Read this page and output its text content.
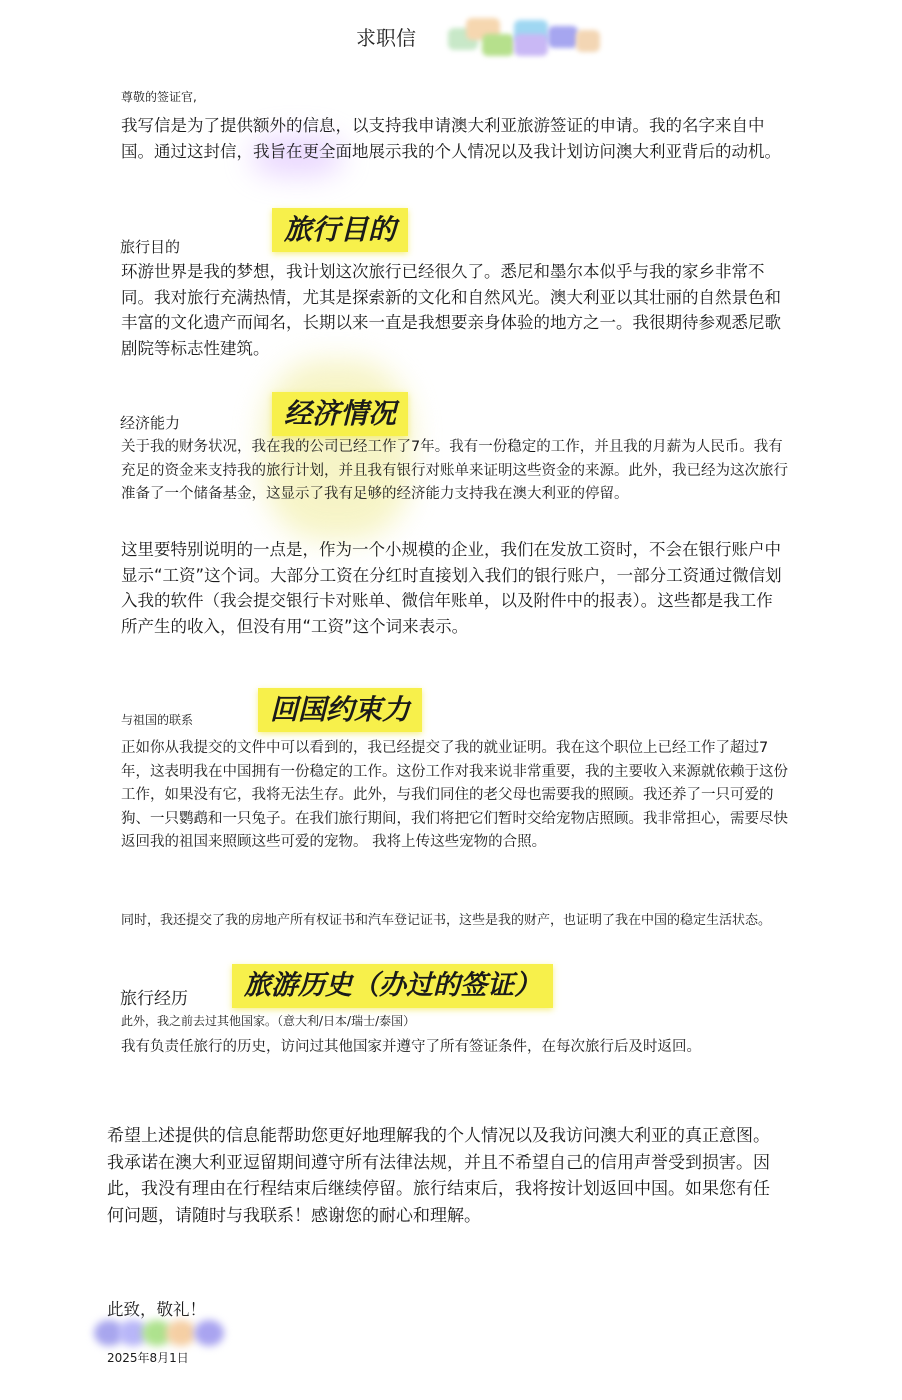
求职信
尊敬的签证官,
我写信是为了提供额外的信息，以支持我申请澳大利亚旅游签证的申请。我的名字来自中国。通过这封信，我旨在更全面地展示我的个人情况以及我计划访问澳大利亚背后的动机。
旅行目的
旅行目的
环游世界是我的梦想，我计划这次旅行已经很久了。悉尼和墨尔本似乎与我的家乡非常不同。我对旅行充满热情，尤其是探索新的文化和自然风光。澳大利亚以其壮丽的自然景色和丰富的文化遗产而闻名，长期以来一直是我想要亲身体验的地方之一。我很期待参观悉尼歌剧院等标志性建筑。
经济情况
经济能力
关于我的财务状况，我在我的公司已经工作了7年。我有一份稳定的工作，并且我的月薪为人民币。我有充足的资金来支持我的旅行计划，并且我有银行对账单来证明这些资金的来源。此外，我已经为这次旅行准备了一个储备基金，这显示了我有足够的经济能力支持我在澳大利亚的停留。
这里要特别说明的一点是，作为一个小规模的企业，我们在发放工资时，不会在银行账户中显示“工资”这个词。大部分工资在分红时直接划入我们的银行账户，一部分工资通过微信划入我的软件（我会提交银行卡对账单、微信年账单，以及附件中的报表）。这些都是我工作所产生的收入，但没有用“工资”这个词来表示。
回国约束力
与祖国的联系
正如你从我提交的文件中可以看到的，我已经提交了我的就业证明。我在这个职位上已经工作了超过7年，这表明我在中国拥有一份稳定的工作。这份工作对我来说非常重要，我的主要收入来源就依赖于这份工作，如果没有它，我将无法生存。此外，与我们同住的老父母也需要我的照顾。我还养了一只可爱的狗、一只鹦鹉和一只兔子。在我们旅行期间，我们将把它们暂时交给宠物店照顾。我非常担心，需要尽快返回我的祖国来照顾这些可爱的宠物。 我将上传这些宠物的合照。
同时，我还提交了我的房地产所有权证书和汽车登记证书，这些是我的财产，也证明了我在中国的稳定生活状态。
旅游历史（办过的签证）
旅行经历
此外，我之前去过其他国家。（意大利/日本/瑞士/泰国）
我有负责任旅行的历史，访问过其他国家并遵守了所有签证条件，在每次旅行后及时返回。
希望上述提供的信息能帮助您更好地理解我的个人情况以及我访问澳大利亚的真正意图。我承诺在澳大利亚逗留期间遵守所有法律法规，并且不希望自己的信用声誉受到损害。因此，我没有理由在行程结束后继续停留。旅行结束后，我将按计划返回中国。如果您有任何问题，请随时与我联系！感谢您的耐心和理解。
此致，敬礼！
2025年8月1日
